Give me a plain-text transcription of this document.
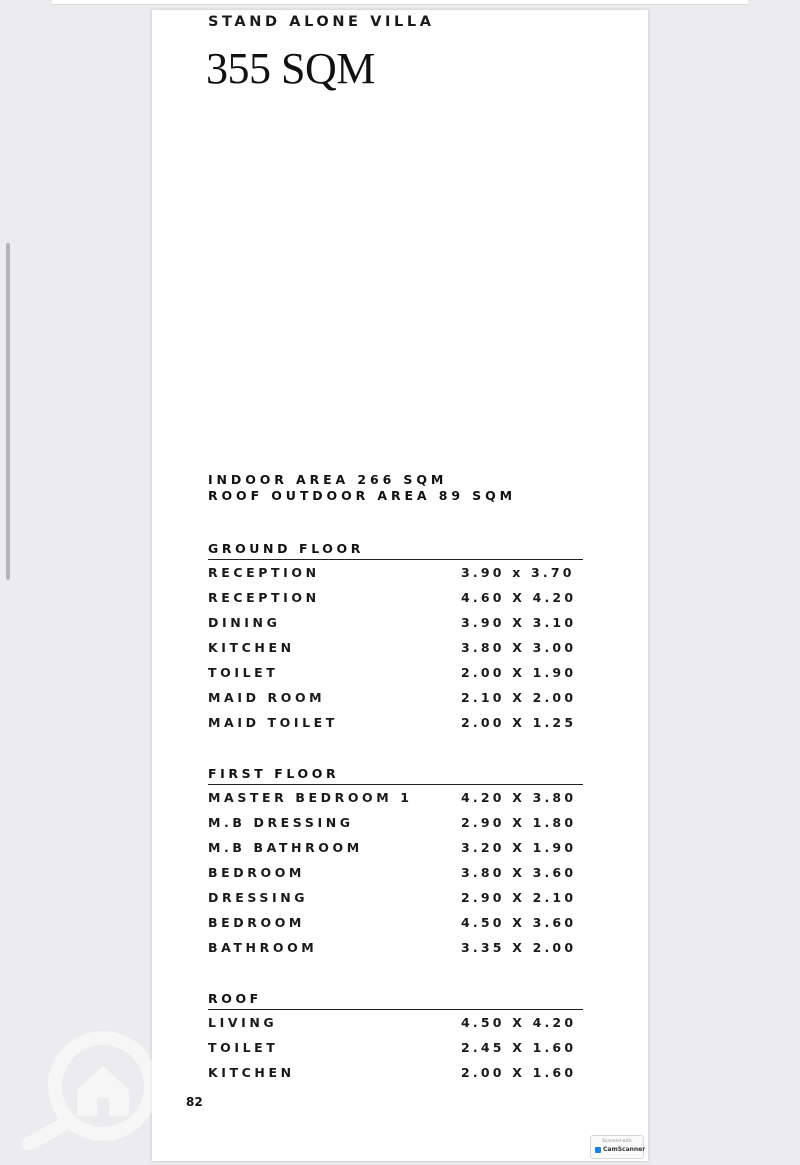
STAND ALONE VILLA
355 SQM
INDOOR AREA 266 SQM
ROOF OUTDOOR AREA 89 SQM
GROUND FLOOR
RECEPTION	3.90 x 3.70
RECEPTION	4.60 X 4.20
DINING	3.90 X 3.10
KITCHEN	3.80 X 3.00
TOILET	2.00 X 1.90
MAID ROOM	2.10 X 2.00
MAID TOILET	2.00 X 1.25
FIRST FLOOR
MASTER BEDROOM 1	4.20 X 3.80
M.B DRESSING	2.90 X 1.80
M.B BATHROOM	3.20 X 1.90
BEDROOM	3.80 X 3.60
DRESSING	2.90 X 2.10
BEDROOM	4.50 X 3.60
BATHROOM	3.35 X 2.00
ROOF
LIVING	4.50 X 4.20
TOILET	2.45 X 1.60
KITCHEN	2.00 X 1.60
82
Scanned with
CamScanner
